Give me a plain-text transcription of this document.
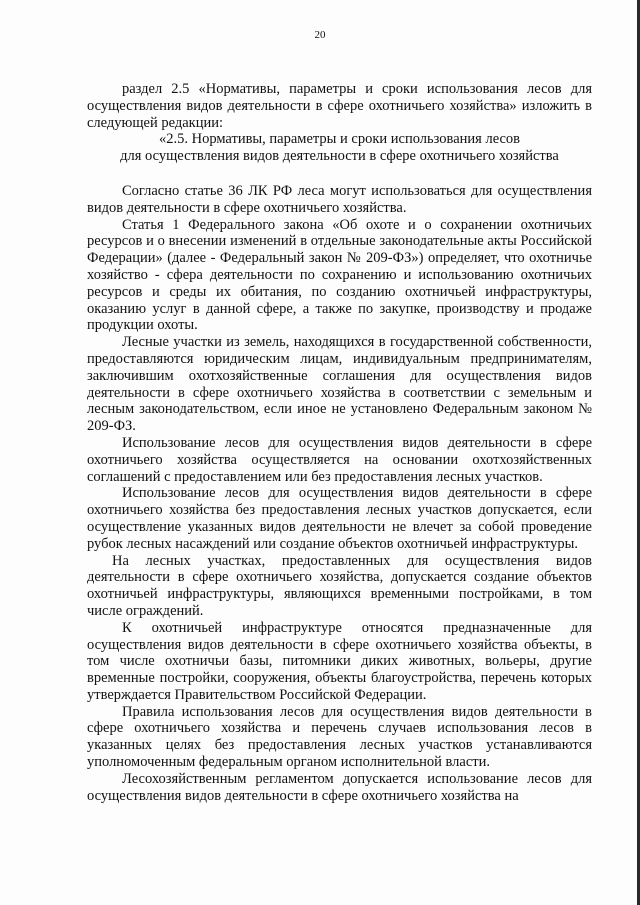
20

раздел 2.5 «Нормативы, параметры и сроки использования лесов для осуществления видов деятельности в сфере охотничьего хозяйства» изложить в следующей редакции:

«2.5. Нормативы, параметры и сроки использования лесов

для осуществления видов деятельности в сфере охотничьего хозяйства

Согласно статье 36 ЛК РФ леса могут использоваться для осуществления видов деятельности в сфере охотничьего хозяйства.

Статья 1 Федерального закона «Об охоте и о сохранении охотничьих ресурсов и о внесении изменений в отдельные законодательные акты Российской Федерации» (далее - Федеральный закон № 209-ФЗ») определяет, что охотничье хозяйство - сфера деятельности по сохранению и использованию охотничьих ресурсов и среды их обитания, по созданию охотничьей инфраструктуры, оказанию услуг в данной сфере, а также по закупке, производству и продаже продукции охоты.

Лесные участки из земель, находящихся в государственной собственности, предоставляются юридическим лицам, индивидуальным предпринимателям, заключившим охотхозяйственные соглашения для осуществления видов деятельности в сфере охотничьего хозяйства в соответствии с земельным и лесным законодательством, если иное не установлено Федеральным законом № 209-ФЗ.

Использование лесов для осуществления видов деятельности в сфере охотничьего хозяйства осуществляется на основании охотхозяйственных соглашений с предоставлением или без предоставления лесных участков.

Использование лесов для осуществления видов деятельности в сфере охотничьего хозяйства без предоставления лесных участков допускается, если осуществление указанных видов деятельности не влечет за собой проведение рубок лесных насаждений или создание объектов охотничьей инфраструктуры.

На лесных участках, предоставленных для осуществления видов деятельности в сфере охотничьего хозяйства, допускается создание объектов охотничьей инфраструктуры, являющихся временными постройками, в том числе ограждений.

К охотничьей инфраструктуре относятся предназначенные для осуществления видов деятельности в сфере охотничьего хозяйства объекты, в том числе охотничьи базы, питомники диких животных, вольеры, другие временные постройки, сооружения, объекты благоустройства, перечень которых утверждается Правительством Российской Федерации.

Правила использования лесов для осуществления видов деятельности в сфере охотничьего хозяйства и перечень случаев использования лесов в указанных целях без предоставления лесных участков устанавливаются уполномоченным федеральным органом исполнительной власти.

Лесохозяйственным регламентом допускается использование лесов для осуществления видов деятельности в сфере охотничьего хозяйства на
